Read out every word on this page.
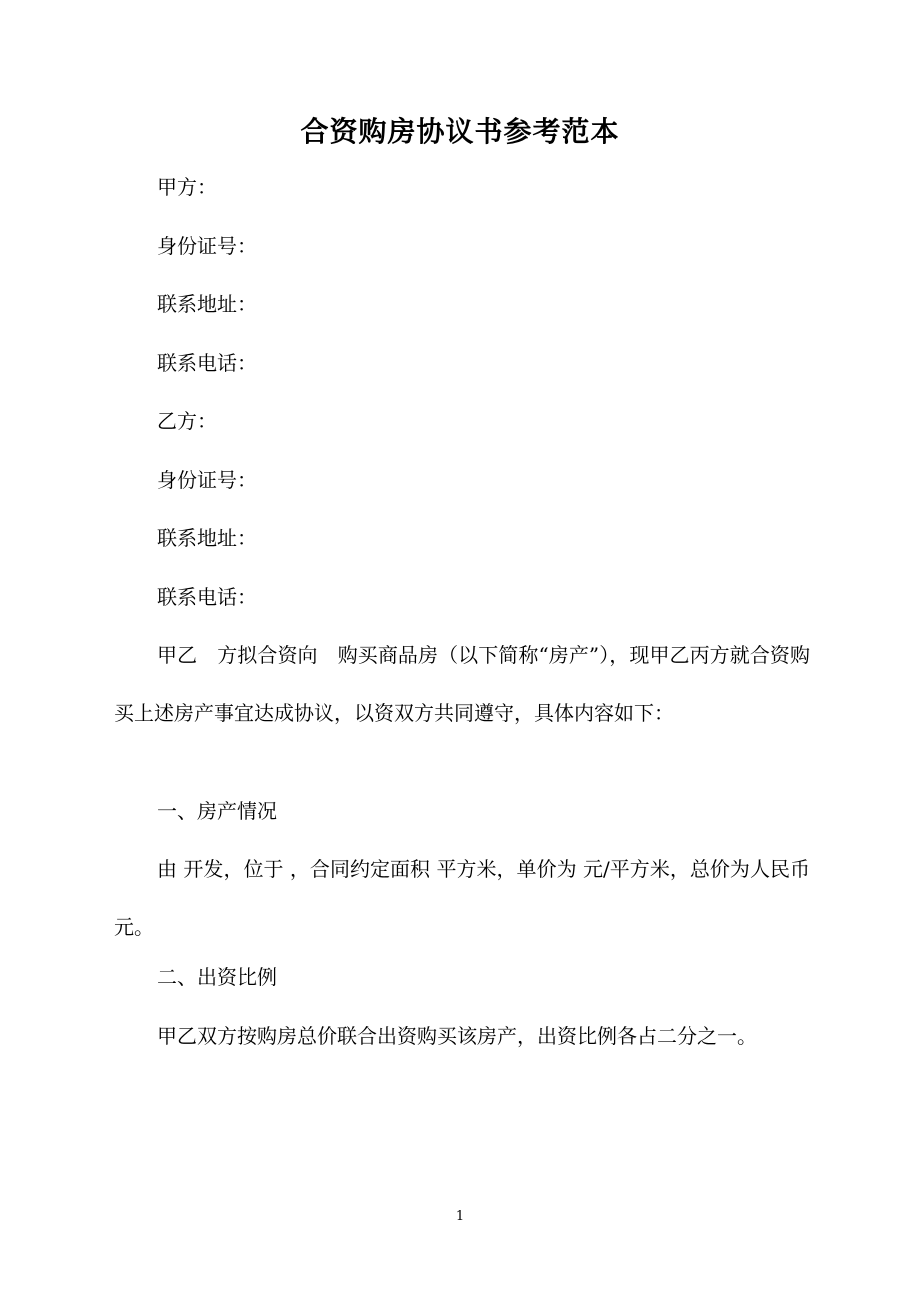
合资购房协议书参考范本
甲方：
身份证号：
联系地址：
联系电话：
乙方：
身份证号：
联系地址：
联系电话：

甲乙　方拟合资向　购买商品房（以下简称“房产”），现甲乙丙方就合资购买上述房产事宜达成协议，以资双方共同遵守，具体内容如下：

一、房产情况

由 开发，位于 ，合同约定面积 平方米，单价为 元/平方米，总价为人民币 元。

二、出资比例
甲乙双方按购房总价联合出资购买该房产，出资比例各占二分之一。
1
